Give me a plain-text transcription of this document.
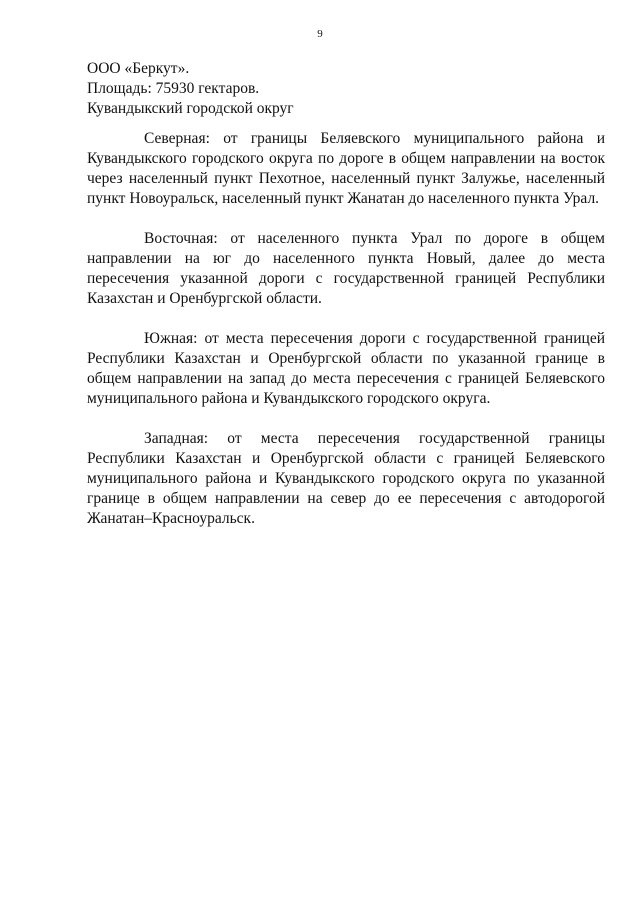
9
ООО «Беркут».
Площадь: 75930 гектаров.
Кувандыкский городской округ

Северная: от границы Беляевского муниципального района и Кувандыкского городского округа по дороге в общем направлении на восток через населенный пункт Пехотное, населенный пункт Залужье, населенный пункт Новоуральск, населенный пункт Жанатан до населенного пункта Урал.

Восточная: от населенного пункта Урал по дороге в общем направлении на юг до населенного пункта Новый, далее до места пересечения указанной дороги с государственной границей Республики Казахстан и Оренбургской области.

Южная: от места пересечения дороги с государственной границей Республики Казахстан и Оренбургской области по указанной границе в общем направлении на запад до места пересечения с границей Беляевского муниципального района и Кувандыкского городского округа.

Западная: от места пересечения государственной границы Республики Казахстан и Оренбургской области с границей Беляевского муниципального района и Кувандыкского городского округа по указанной границе в общем направлении на север до ее пересечения с автодорогой Жанатан–Красноуральск.
